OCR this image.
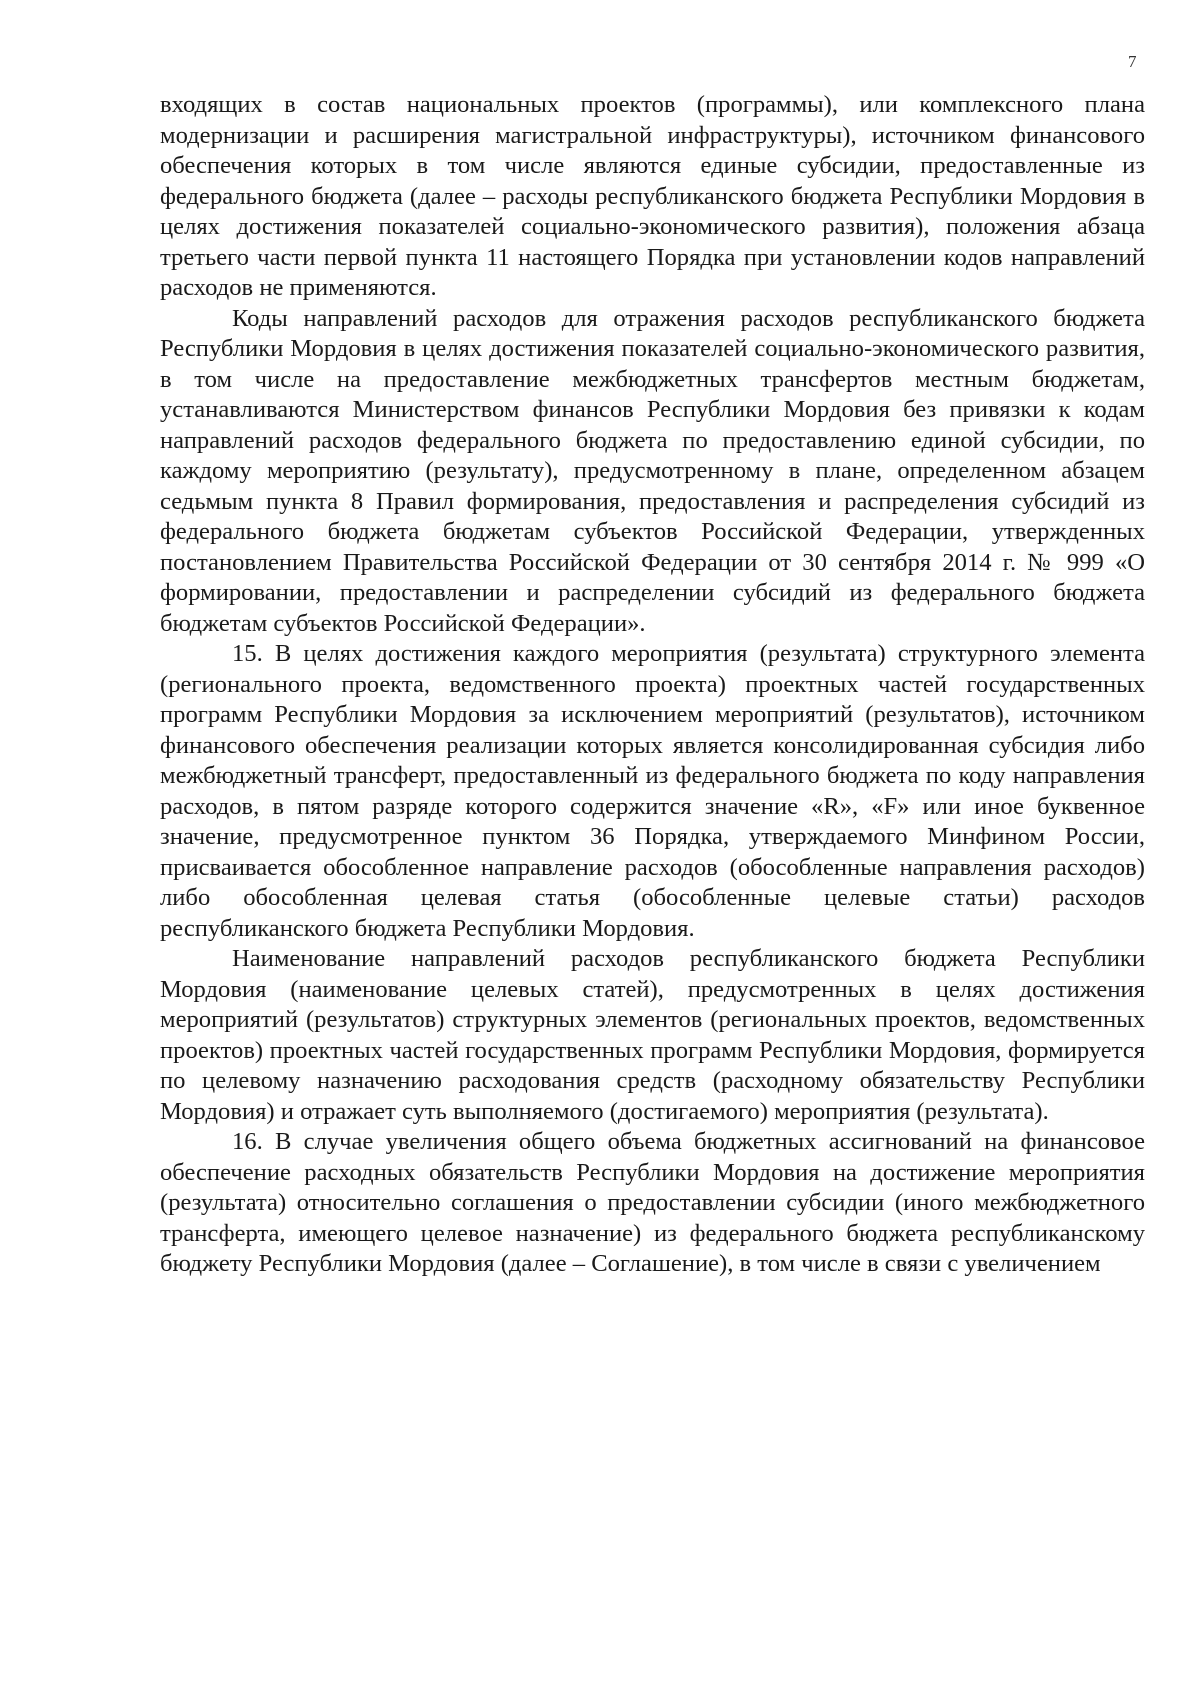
7

входящих в состав национальных проектов (программы), или комплексного плана модернизации и расширения магистральной инфраструктуры), источником финансового обеспечения которых в том числе являются единые субсидии, предоставленные из федерального бюджета (далее – расходы республиканского бюджета Республики Мордовия в целях достижения показателей социально-экономического развития), положения абзаца третьего части первой пункта 11 настоящего Порядка при установлении кодов направлений расходов не применяются.

Коды направлений расходов для отражения расходов республиканского бюджета Республики Мордовия в целях достижения показателей социально-экономического развития, в том числе на предоставление межбюджетных трансфертов местным бюджетам, устанавливаются Министерством финансов Республики Мордовия без привязки к кодам направлений расходов федерального бюджета по предоставлению единой субсидии, по каждому мероприятию (результату), предусмотренному в плане, определенном абзацем седьмым пункта 8 Правил формирования, предоставления и распределения субсидий из федерального бюджета бюджетам субъектов Российской Федерации, утвержденных постановлением Правительства Российской Федерации от 30 сентября 2014 г. № 999 «О формировании, предоставлении и распределении субсидий из федерального бюджета бюджетам субъектов Российской Федерации».

15. В целях достижения каждого мероприятия (результата) структурного элемента (регионального проекта, ведомственного проекта) проектных частей государственных программ Республики Мордовия за исключением мероприятий (результатов), источником финансового обеспечения реализации которых является консолидированная субсидия либо межбюджетный трансферт, предоставленный из федерального бюджета по коду направления расходов, в пятом разряде которого содержится значение «R», «F» или иное буквенное значение, предусмотренное пунктом 36 Порядка, утверждаемого Минфином России, присваивается обособленное направление расходов (обособленные направления расходов) либо обособленная целевая статья (обособленные целевые статьи) расходов республиканского бюджета Республики Мордовия.

Наименование направлений расходов республиканского бюджета Республики Мордовия (наименование целевых статей), предусмотренных в целях достижения мероприятий (результатов) структурных элементов (региональных проектов, ведомственных проектов) проектных частей государственных программ Республики Мордовия, формируется по целевому назначению расходования средств (расходному обязательству Республики Мордовия) и отражает суть выполняемого (достигаемого) мероприятия (результата).

16. В случае увеличения общего объема бюджетных ассигнований на финансовое обеспечение расходных обязательств Республики Мордовия на достижение мероприятия (результата) относительно соглашения о предоставлении субсидии (иного межбюджетного трансферта, имеющего целевое назначение) из федерального бюджета республиканскому бюджету Республики Мордовия (далее – Соглашение), в том числе в связи с увеличением
